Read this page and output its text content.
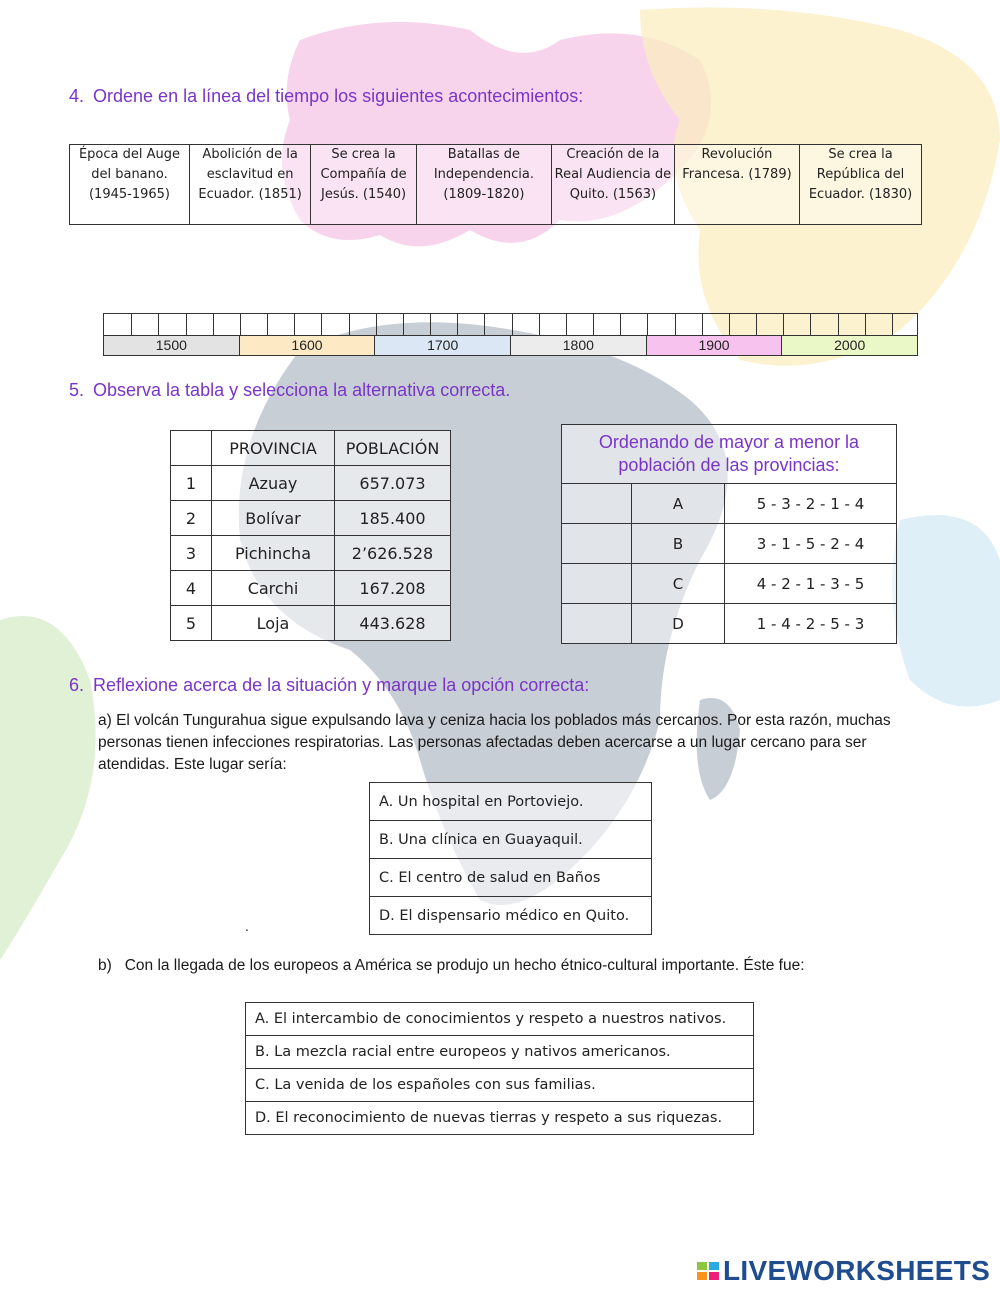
4. Ordene en la línea del tiempo los siguientes acontecimientos:
Época del Auge del banano. (1945-1965)	Abolición de la esclavitud en Ecuador. (1851)	Se crea la Compañía de Jesús. (1540)	Batallas de Independencia. (1809-1820)	Creación de la Real Audiencia de Quito. (1563)	Revolución Francesa. (1789)	Se crea la República del Ecuador. (1830)
1500	1600	1700	1800	1900	2000
5. Observa la tabla y selecciona la alternativa correcta.
	PROVINCIA	POBLACIÓN
1	Azuay	657.073
2	Bolívar	185.400
3	Pichincha	2’626.528
4	Carchi	167.208
5	Loja	443.628
Ordenando de mayor a menor la población de las provincias:		
	A	5 - 3 - 2 - 1 - 4
	B	3 - 1 - 5 - 2 - 4
	C	4 - 2 - 1 - 3 - 5
	D	1 - 4 - 2 - 5 - 3
6. Reflexione acerca de la situación y marque la opción correcta:
a) El volcán Tungurahua sigue expulsando lava y ceniza hacia los poblados más cercanos. Por esta razón, muchas personas tienen infecciones respiratorias. Las personas afectadas deben acercarse a un lugar cercano para ser atendidas. Este lugar sería:
A. Un hospital en Portoviejo.
B. Una clínica en Guayaquil.
C. El centro de salud en Baños
D. El dispensario médico en Quito.
.
b)   Con la llegada de los europeos a América se produjo un hecho étnico-cultural importante. Éste fue:
A. El intercambio de conocimientos y respeto a nuestros nativos.
B. La mezcla racial entre europeos y nativos americanos.
C. La venida de los españoles con sus familias.
D. El reconocimiento de nuevas tierras y respeto a sus riquezas.
LIVEWORKSHEETS
